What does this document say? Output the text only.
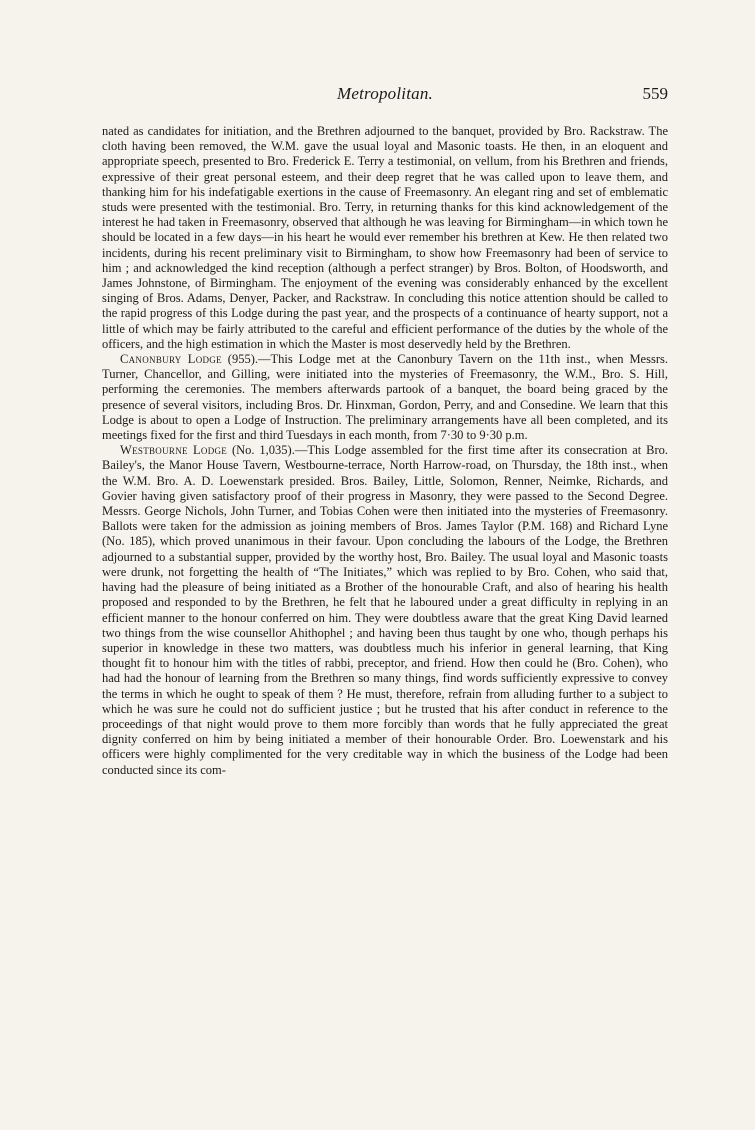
Metropolitan.	559

nated as candidates for initiation, and the Brethren adjourned to the banquet, provided by Bro. Rackstraw. The cloth having been removed, the W.M. gave the usual loyal and Masonic toasts. He then, in an eloquent and appropriate speech, presented to Bro. Frederick E. Terry a testimonial, on vellum, from his Brethren and friends, expressive of their great personal esteem, and their deep regret that he was called upon to leave them, and thanking him for his indefatigable exertions in the cause of Freemasonry. An elegant ring and set of emblematic studs were presented with the testimonial. Bro. Terry, in returning thanks for this kind acknowledgement of the interest he had taken in Freemasonry, observed that although he was leaving for Birmingham—in which town he should be located in a few days—in his heart he would ever remember his brethren at Kew. He then related two incidents, during his recent preliminary visit to Birmingham, to show how Freemasonry had been of service to him ; and acknowledged the kind reception (although a perfect stranger) by Bros. Bolton, of Hoodsworth, and James Johnstone, of Birmingham. The enjoyment of the evening was considerably enhanced by the excellent singing of Bros. Adams, Denyer, Packer, and Rackstraw. In concluding this notice attention should be called to the rapid progress of this Lodge during the past year, and the prospects of a continuance of hearty support, not a little of which may be fairly attributed to the careful and efficient performance of the duties by the whole of the officers, and the high estimation in which the Master is most deservedly held by the Brethren.

Canonbury Lodge (955).—This Lodge met at the Canonbury Tavern on the 11th inst., when Messrs. Turner, Chancellor, and Gilling, were initiated into the mysteries of Freemasonry, the W.M., Bro. S. Hill, performing the ceremonies. The members afterwards partook of a banquet, the board being graced by the presence of several visitors, including Bros. Dr. Hinxman, Gordon, Perry, and and Consedine. We learn that this Lodge is about to open a Lodge of Instruction. The preliminary arrangements have all been completed, and its meetings fixed for the first and third Tuesdays in each month, from 7·30 to 9·30 p.m.

Westbourne Lodge (No. 1,035).—This Lodge assembled for the first time after its consecration at Bro. Bailey's, the Manor House Tavern, Westbourne-terrace, North Harrow-road, on Thursday, the 18th inst., when the W.M. Bro. A. D. Loewenstark presided. Bros. Bailey, Little, Solomon, Renner, Neimke, Richards, and Govier having given satisfactory proof of their progress in Masonry, they were passed to the Second Degree. Messrs. George Nichols, John Turner, and Tobias Cohen were then initiated into the mysteries of Freemasonry. Ballots were taken for the admission as joining members of Bros. James Taylor (P.M. 168) and Richard Lyne (No. 185), which proved unanimous in their favour. Upon concluding the labours of the Lodge, the Brethren adjourned to a substantial supper, provided by the worthy host, Bro. Bailey. The usual loyal and Masonic toasts were drunk, not forgetting the health of “The Initiates,” which was replied to by Bro. Cohen, who said that, having had the pleasure of being initiated as a Brother of the honourable Craft, and also of hearing his health proposed and responded to by the Brethren, he felt that he laboured under a great difficulty in replying in an efficient manner to the honour conferred on him. They were doubtless aware that the great King David learned two things from the wise counsellor Ahithophel ; and having been thus taught by one who, though perhaps his superior in knowledge in these two matters, was doubtless much his inferior in general learning, that King thought fit to honour him with the titles of rabbi, preceptor, and friend. How then could he (Bro. Cohen), who had had the honour of learning from the Brethren so many things, find words sufficiently expressive to convey the terms in which he ought to speak of them ? He must, therefore, refrain from alluding further to a subject to which he was sure he could not do sufficient justice ; but he trusted that his after conduct in reference to the proceedings of that night would prove to them more forcibly than words that he fully appreciated the great dignity conferred on him by being initiated a member of their honourable Order. Bro. Loewenstark and his officers were highly complimented for the very creditable way in which the business of the Lodge had been conducted since its com-
